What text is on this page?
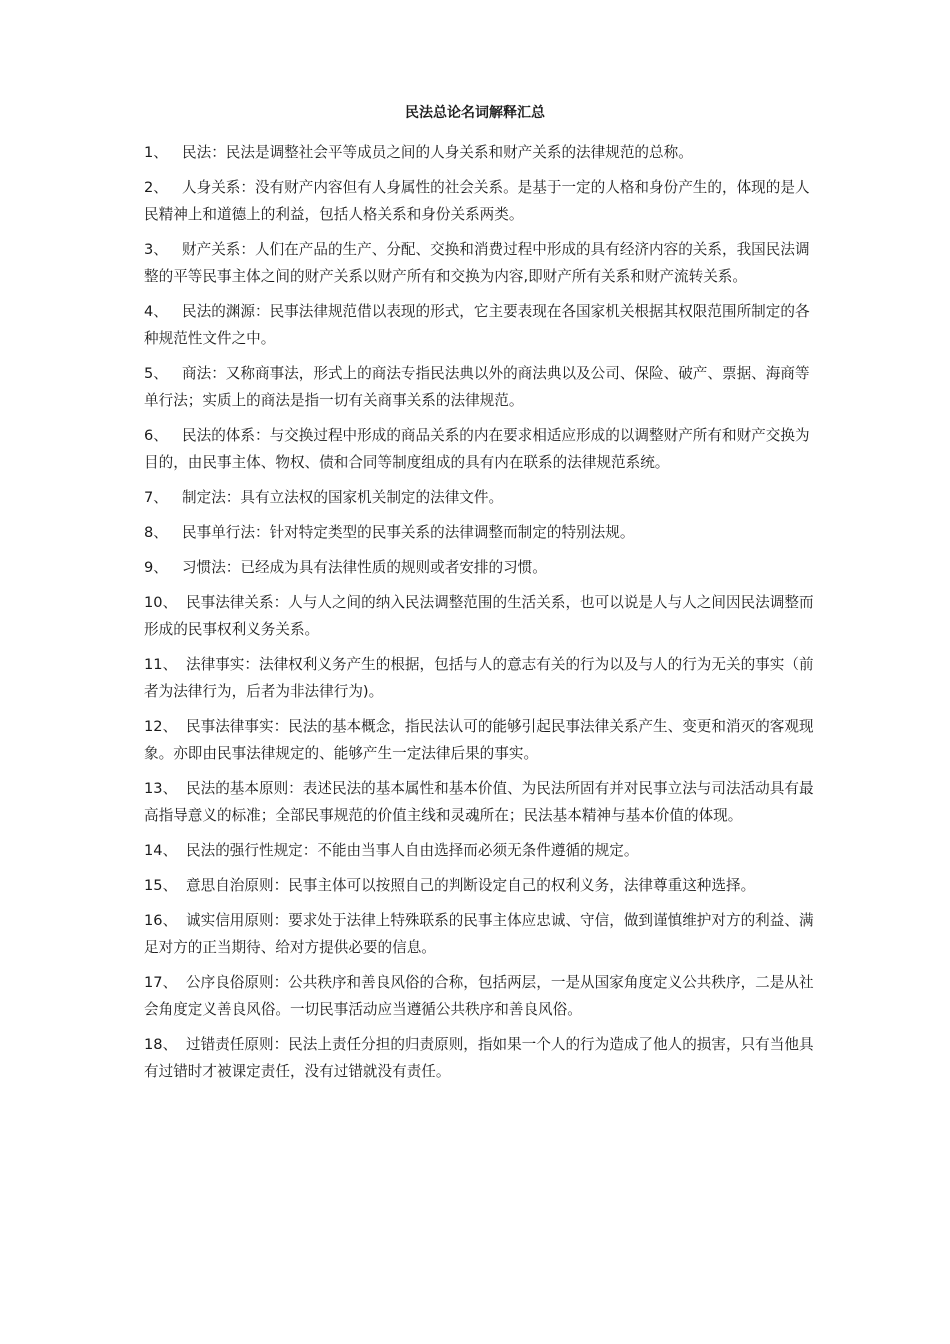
民法总论名词解释汇总
1、 民法：民法是调整社会平等成员之间的人身关系和财产关系的法律规范的总称。
2、 人身关系：没有财产内容但有人身属性的社会关系。是基于一定的人格和身份产生的，体现的是人民精神上和道德上的利益，包括人格关系和身份关系两类。
3、 财产关系：人们在产品的生产、分配、交换和消费过程中形成的具有经济内容的关系，我国民法调整的平等民事主体之间的财产关系以财产所有和交换为内容,即财产所有关系和财产流转关系。
4、 民法的渊源：民事法律规范借以表现的形式，它主要表现在各国家机关根据其权限范围所制定的各种规范性文件之中。
5、 商法：又称商事法，形式上的商法专指民法典以外的商法典以及公司、保险、破产、票据、海商等单行法；实质上的商法是指一切有关商事关系的法律规范。
6、 民法的体系：与交换过程中形成的商品关系的内在要求相适应形成的以调整财产所有和财产交换为目的，由民事主体、物权、债和合同等制度组成的具有内在联系的法律规范系统。
7、 制定法：具有立法权的国家机关制定的法律文件。
8、 民事单行法：针对特定类型的民事关系的法律调整而制定的特别法规。
9、 习惯法：已经成为具有法律性质的规则或者安排的习惯。
10、 民事法律关系：人与人之间的纳入民法调整范围的生活关系，也可以说是人与人之间因民法调整而形成的民事权利义务关系。
11、 法律事实：法律权利义务产生的根据，包括与人的意志有关的行为以及与人的行为无关的事实（前者为法律行为，后者为非法律行为)。
12、 民事法律事实：民法的基本概念，指民法认可的能够引起民事法律关系产生、变更和消灭的客观现象。亦即由民事法律规定的、能够产生一定法律后果的事实。
13、 民法的基本原则：表述民法的基本属性和基本价值、为民法所固有并对民事立法与司法活动具有最高指导意义的标准；全部民事规范的价值主线和灵魂所在；民法基本精神与基本价值的体现。
14、 民法的强行性规定：不能由当事人自由选择而必须无条件遵循的规定。
15、 意思自治原则：民事主体可以按照自己的判断设定自己的权利义务，法律尊重这种选择。
16、 诚实信用原则：要求处于法律上特殊联系的民事主体应忠诚、守信，做到谨慎维护对方的利益、满足对方的正当期待、给对方提供必要的信息。
17、 公序良俗原则：公共秩序和善良风俗的合称，包括两层，一是从国家角度定义公共秩序，二是从社会角度定义善良风俗。一切民事活动应当遵循公共秩序和善良风俗。
18、 过错责任原则：民法上责任分担的归责原则，指如果一个人的行为造成了他人的损害，只有当他具有过错时才被课定责任，没有过错就没有责任。
